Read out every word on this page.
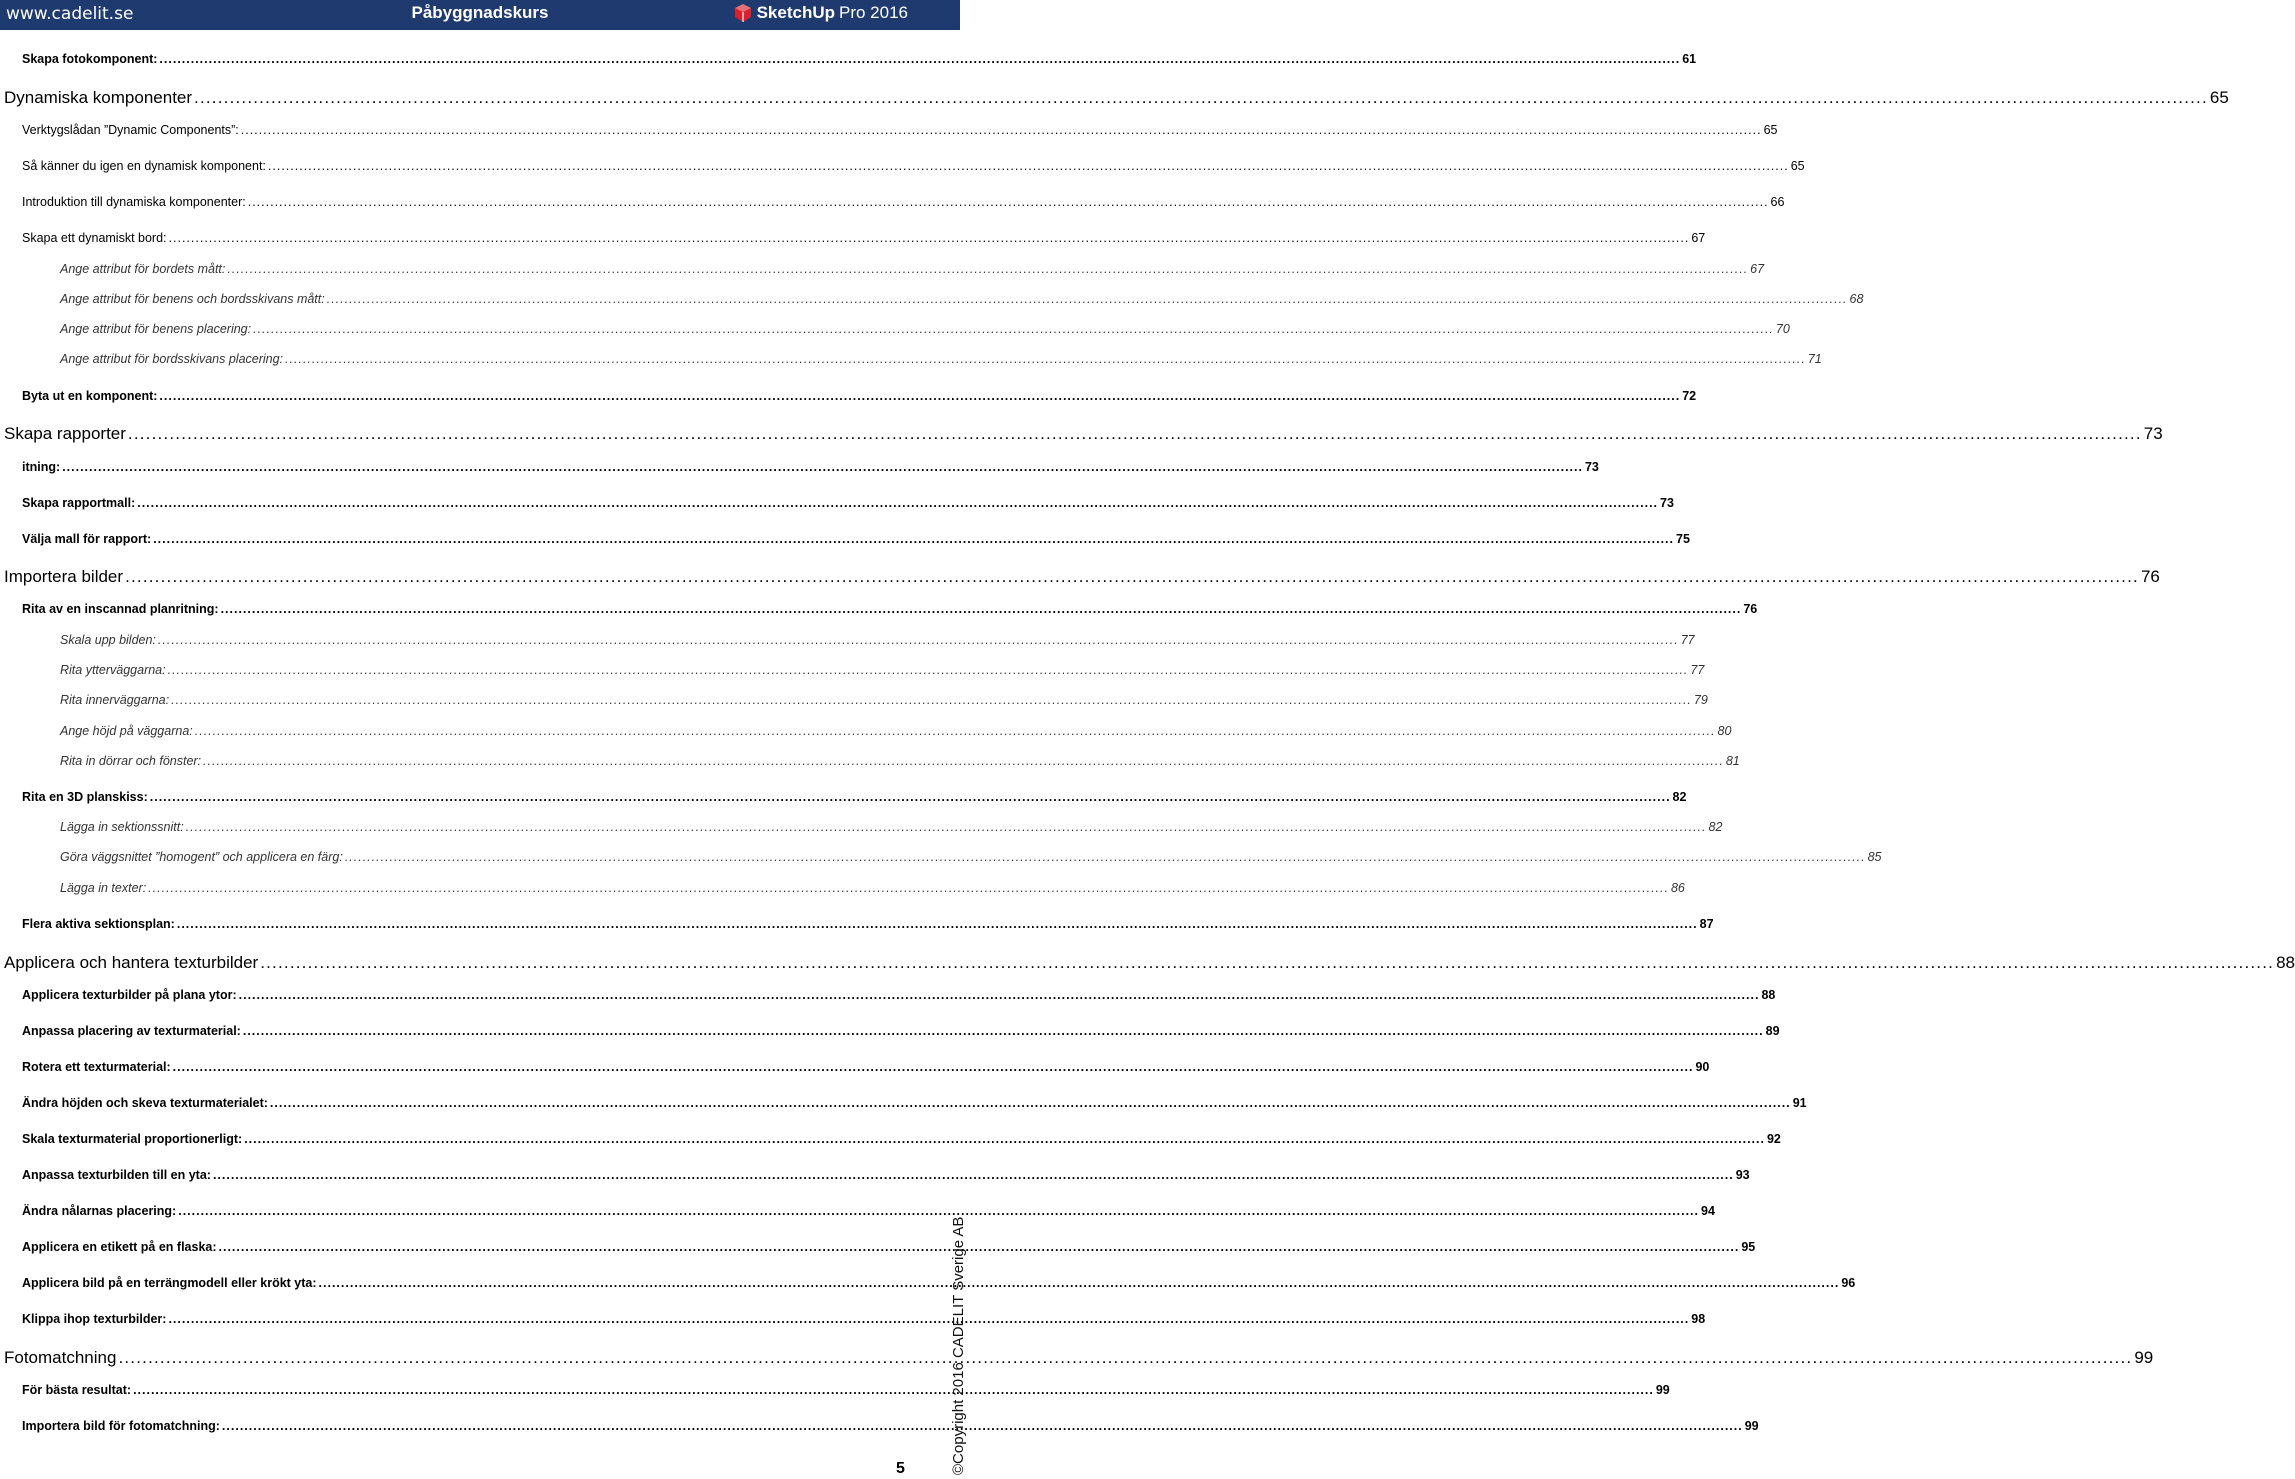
www.cadelit.se	Påbyggnadskurs	SketchUp Pro 2016
Skapa fotokomponent: .....	61
Dynamiska komponenter .....	65
Verktygslådan ”Dynamic Components”: .....	65
Så känner du igen en dynamisk komponent: .....	65
Introduktion till dynamiska komponenter: .....	66
Skapa ett dynamiskt bord: .....	67
Ange attribut för bordets mått: .....	67
Ange attribut för benens och bordsskivans mått: .....	68
Ange attribut för benens placering: .....	70
Ange attribut för bordsskivans placering: .....	71
Byta ut en komponent: .....	72
Skapa rapporter .....	73
itning: .....	73
Skapa rapportmall: .....	73
Välja mall för rapport: .....	75
Importera bilder .....	76
Rita av en inscannad planritning: .....	76
Skala upp bilden: .....	77
Rita ytterväggarna: .....	77
Rita innerväggarna: .....	79
Ange höjd på väggarna: .....	80
Rita in dörrar och fönster: .....	81
Rita en 3D planskiss: .....	82
Lägga in sektionssnitt: .....	82
Göra väggsnittet ”homogent” och applicera en färg: .....	85
Lägga in texter: .....	86
Flera aktiva sektionsplan: .....	87
Applicera och hantera texturbilder .....	88
Applicera texturbilder på plana ytor: .....	88
Anpassa placering av texturmaterial: .....	89
Rotera ett texturmaterial: .....	90
Ändra höjden och skeva texturmaterialet: .....	91
Skala texturmaterial proportionerligt: .....	92
Anpassa texturbilden till en yta: .....	93
Ändra nålarnas placering: .....	94
Applicera en etikett på en flaska: .....	95
Applicera bild på en terrängmodell eller krökt yta: .....	96
Klippa ihop texturbilder: .....	98
Fotomatchning .....	99
För bästa resultat: .....	99
Importera bild för fotomatchning: .....	99
5	©Copyright 2016 CADELIT Sverige AB
